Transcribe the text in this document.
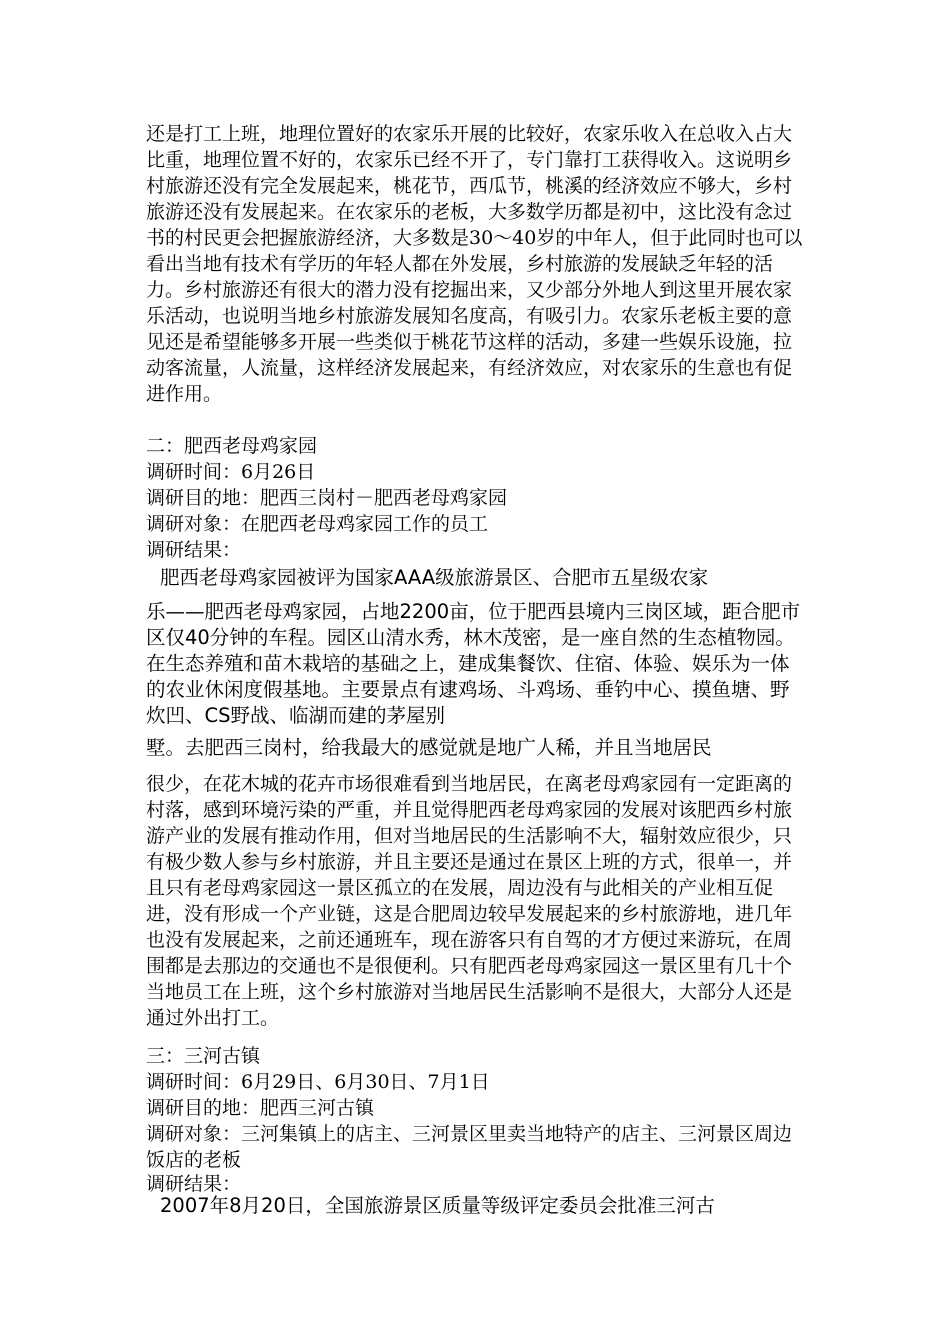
还是打工上班，地理位置好的农家乐开展的比较好，农家乐收入在总收入占大比重，地理位置不好的，农家乐已经不开了，专门靠打工获得收入。这说明乡村旅游还没有完全发展起来，桃花节，西瓜节，桃溪的经济效应不够大，乡村旅游还没有发展起来。在农家乐的老板，大多数学历都是初中，这比没有念过书的村民更会把握旅游经济，大多数是30～40岁的中年人，但于此同时也可以看出当地有技术有学历的年轻人都在外发展，乡村旅游的发展缺乏年轻的活力。乡村旅游还有很大的潜力没有挖掘出来，又少部分外地人到这里开展农家乐活动，也说明当地乡村旅游发展知名度高，有吸引力。农家乐老板主要的意见还是希望能够多开展一些类似于桃花节这样的活动，多建一些娱乐设施，拉动客流量，人流量，这样经济发展起来，有经济效应，对农家乐的生意也有促进作用。

二：肥西老母鸡家园

调研时间：6月26日

调研目的地：肥西三岗村－肥西老母鸡家园

调研对象：在肥西老母鸡家园工作的员工

调研结果：

肥西老母鸡家园被评为国家AAA级旅游景区、合肥市五星级农家

乐——肥西老母鸡家园，占地2200亩，位于肥西县境内三岗区域，距合肥市区仅40分钟的车程。园区山清水秀，林木茂密，是一座自然的生态植物园。在生态养殖和苗木栽培的基础之上，建成集餐饮、住宿、体验、娱乐为一体的农业休闲度假基地。主要景点有逮鸡场、斗鸡场、垂钓中心、摸鱼塘、野炊凹、CS野战、临湖而建的茅屋别

墅。去肥西三岗村，给我最大的感觉就是地广人稀，并且当地居民

很少，在花木城的花卉市场很难看到当地居民，在离老母鸡家园有一定距离的村落，感到环境污染的严重，并且觉得肥西老母鸡家园的发展对该肥西乡村旅游产业的发展有推动作用，但对当地居民的生活影响不大，辐射效应很少，只有极少数人参与乡村旅游，并且主要还是通过在景区上班的方式，很单一，并且只有老母鸡家园这一景区孤立的在发展，周边没有与此相关的产业相互促进，没有形成一个产业链，这是合肥周边较早发展起来的乡村旅游地，进几年也没有发展起来，之前还通班车，现在游客只有自驾的才方便过来游玩，在周围都是去那边的交通也不是很便利。只有肥西老母鸡家园这一景区里有几十个当地员工在上班，这个乡村旅游对当地居民生活影响不是很大，大部分人还是通过外出打工。

三：三河古镇

调研时间：6月29日、6月30日、7月1日

调研目的地：肥西三河古镇

调研对象：三河集镇上的店主、三河景区里卖当地特产的店主、三河景区周边饭店的老板

调研结果：

2007年8月20日，全国旅游景区质量等级评定委员会批准三河古
